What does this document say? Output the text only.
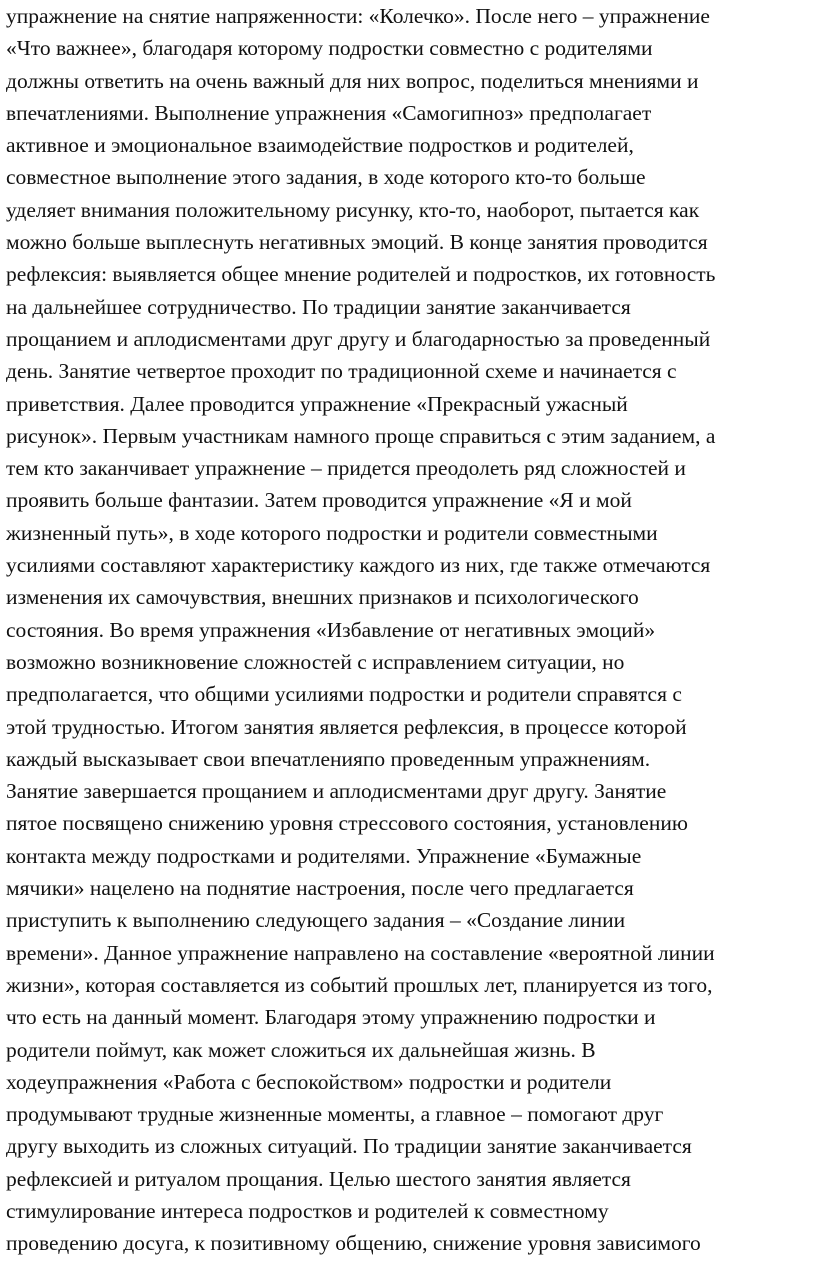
упражнение на снятие напряженности: «Колечко». После него – упражнение
«Что важнее», благодаря которому подростки совместно с родителями
должны ответить на очень важный для них вопрос, поделиться мнениями и
впечатлениями. Выполнение упражнения «Самогипноз» предполагает
активное и эмоциональное взаимодействие подростков и родителей,
совместное выполнение этого задания, в ходе которого кто-то больше
уделяет внимания положительному рисунку, кто-то, наоборот, пытается как
можно больше выплеснуть негативных эмоций. В конце занятия проводится
рефлексия: выявляется общее мнение родителей и подростков, их готовность
на дальнейшее сотрудничество. По традиции занятие заканчивается
прощанием и аплодисментами друг другу и благодарностью за проведенный
день. Занятие четвертое проходит по традиционной схеме и начинается с
приветствия. Далее проводится упражнение «Прекрасный ужасный
рисунок». Первым участникам намного проще справиться с этим заданием, а
тем кто заканчивает упражнение – придется преодолеть ряд сложностей и
проявить больше фантазии. Затем проводится упражнение «Я и мой
жизненный путь», в ходе которого подростки и родители совместными
усилиями составляют характеристику каждого из них, где также отмечаются
изменения их самочувствия, внешних признаков и психологического
состояния. Во время упражнения «Избавление от негативных эмоций»
возможно возникновение сложностей с исправлением ситуации, но
предполагается, что общими усилиями подростки и родители справятся с
этой трудностью. Итогом занятия является рефлексия, в процессе которой
каждый высказывает свои впечатленияпо проведенным упражнениям.
Занятие завершается прощанием и аплодисментами друг другу. Занятие
пятое посвящено снижению уровня стрессового состояния, установлению
контакта между подростками и родителями. Упражнение «Бумажные
мячики» нацелено на поднятие настроения, после чего предлагается
приступить к выполнению следующего задания – «Создание линии
времени». Данное упражнение направлено на составление «вероятной линии
жизни», которая составляется из событий прошлых лет, планируется из того,
что есть на данный момент. Благодаря этому упражнению подростки и
родители поймут, как может сложиться их дальнейшая жизнь. В
ходеупражнения «Работа с беспокойством» подростки и родители
продумывают трудные жизненные моменты, а главное – помогают друг
другу выходить из сложных ситуаций. По традиции занятие заканчивается
рефлексией и ритуалом прощания. Целью шестого занятия является
стимулирование интереса подростков и родителей к совместному
проведению досуга, к позитивному общению, снижение уровня зависимого
